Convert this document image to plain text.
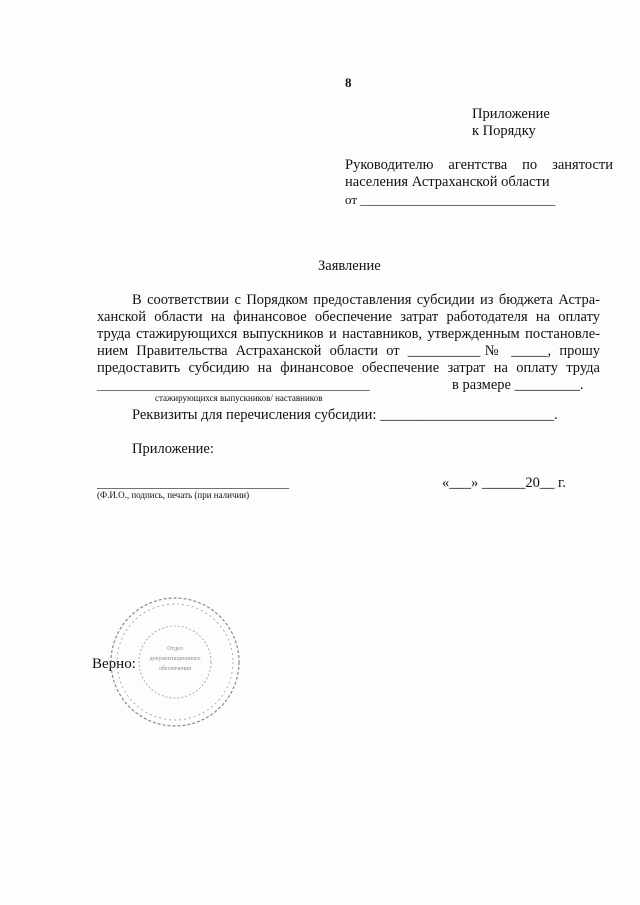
8
Приложение
к Порядку
Руководителю агентства по занятости
населения Астраханской области
от ______________________________
Заявление
В соответствии с Порядком предоставления субсидии из бюджета Астра-
ханской области на финансовое обеспечение затрат работодателя на оплату
труда стажирующихся выпускников и наставников, утвержденным постановле-
нием Правительства Астраханской области от __________№ _____, прошу
предоставить субсидию на финансовое обеспечение затрат на оплату труда
_______________________________________________	в размере _________.
стажирующихся выпускников/ наставников
Реквизиты для перечисления субсидии: ________________________.
Приложение:
________________________________
(Ф.И.О., подпись, печать (при наличии)
«___» ______20__ г.
Верно:
Отдел
документационного
обеспечения
